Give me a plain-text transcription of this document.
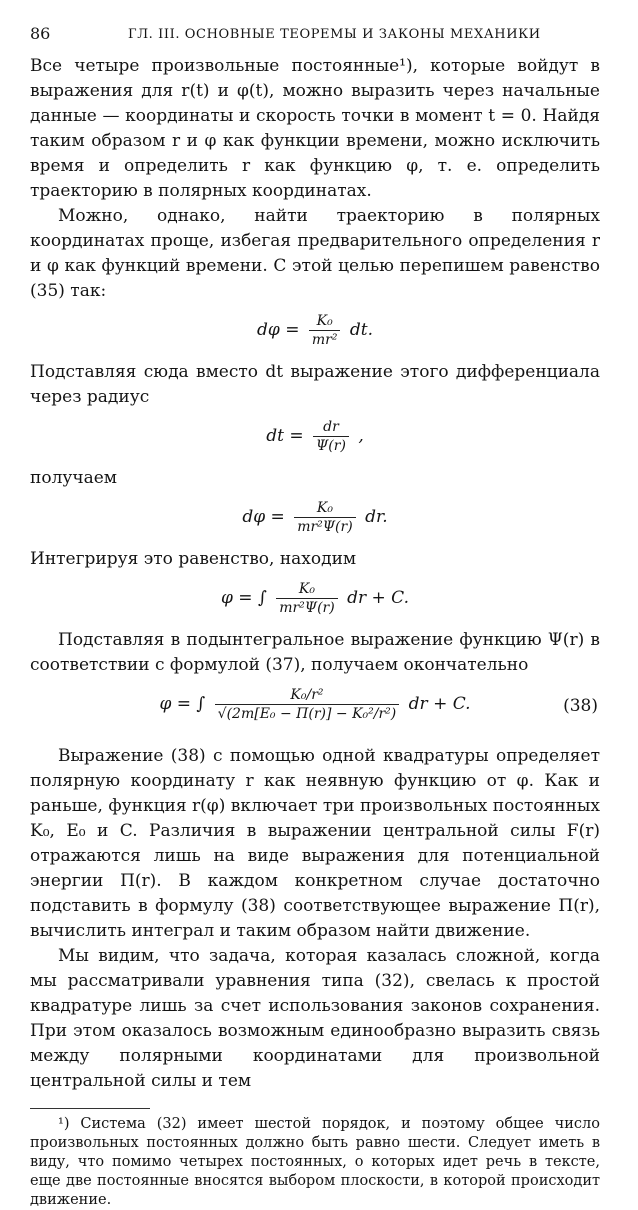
86	ГЛ. III. ОСНОВНЫЕ ТЕОРЕМЫ И ЗАКОНЫ МЕХАНИКИ

Все четыре произвольные постоянные¹), которые войдут в выражения для r(t) и φ(t), можно выразить через начальные данные — координаты и скорость точки в момент t = 0. Найдя таким образом r и φ как функции времени, можно исключить время и определить r как функцию φ, т. е. определить траекторию в полярных координатах.

Можно, однако, найти траекторию в полярных координатах проще, избегая предварительного определения r и φ как функций времени. С этой целью перепишем равенство (35) так:

$d\varphi = \frac{\text{K₀}}{\text{mr²}}$ dt.

Подставляя сюда вместо dt выражение этого дифференциала через радиус

dt = $\frac{dr}{\Psi(r)}$ ,

получаем

$d\varphi = \frac{\text{K₀}}{\text{mr²Ψ(r)}}$ dr.

Интегрируя это равенство, находим

φ = ∫ $\frac{\text{K₀}}{\text{mr²Ψ(r)}}$ dr + C.

Подставляя в подынтегральное выражение функцию Ψ(r) в соответствии с формулой (37), получаем окончательно

φ = ∫ $\frac{\text{K₀/r²}}{\text{√(2m[E₀ − Π(r)] − K₀²/r²)}}$ dr + C.	(38)

Выражение (38) с помощью одной квадратуры определяет полярную координату r как неявную функцию от φ. Как и раньше, функция r(φ) включает три произвольных постоянных K₀, E₀ и C. Различия в выражении центральной силы F(r) отражаются лишь на виде выражения для потенциальной энергии Π(r). В каждом конкретном случае достаточно подставить в формулу (38) соответствующее выражение Π(r), вычислить интеграл и таким образом найти движение.

Мы видим, что задача, которая казалась сложной, когда мы рассматривали уравнения типа (32), свелась к простой квадратуре лишь за счет использования законов сохранения. При этом оказалось возможным единообразно выразить связь между полярными координатами для произвольной центральной силы и тем

¹) Система (32) имеет шестой порядок, и поэтому общее число произвольных постоянных должно быть равно шести. Следует иметь в виду, что помимо четырех постоянных, о которых идет речь в тексте, еще две постоянные вносятся выбором плоскости, в которой происходит движение.
